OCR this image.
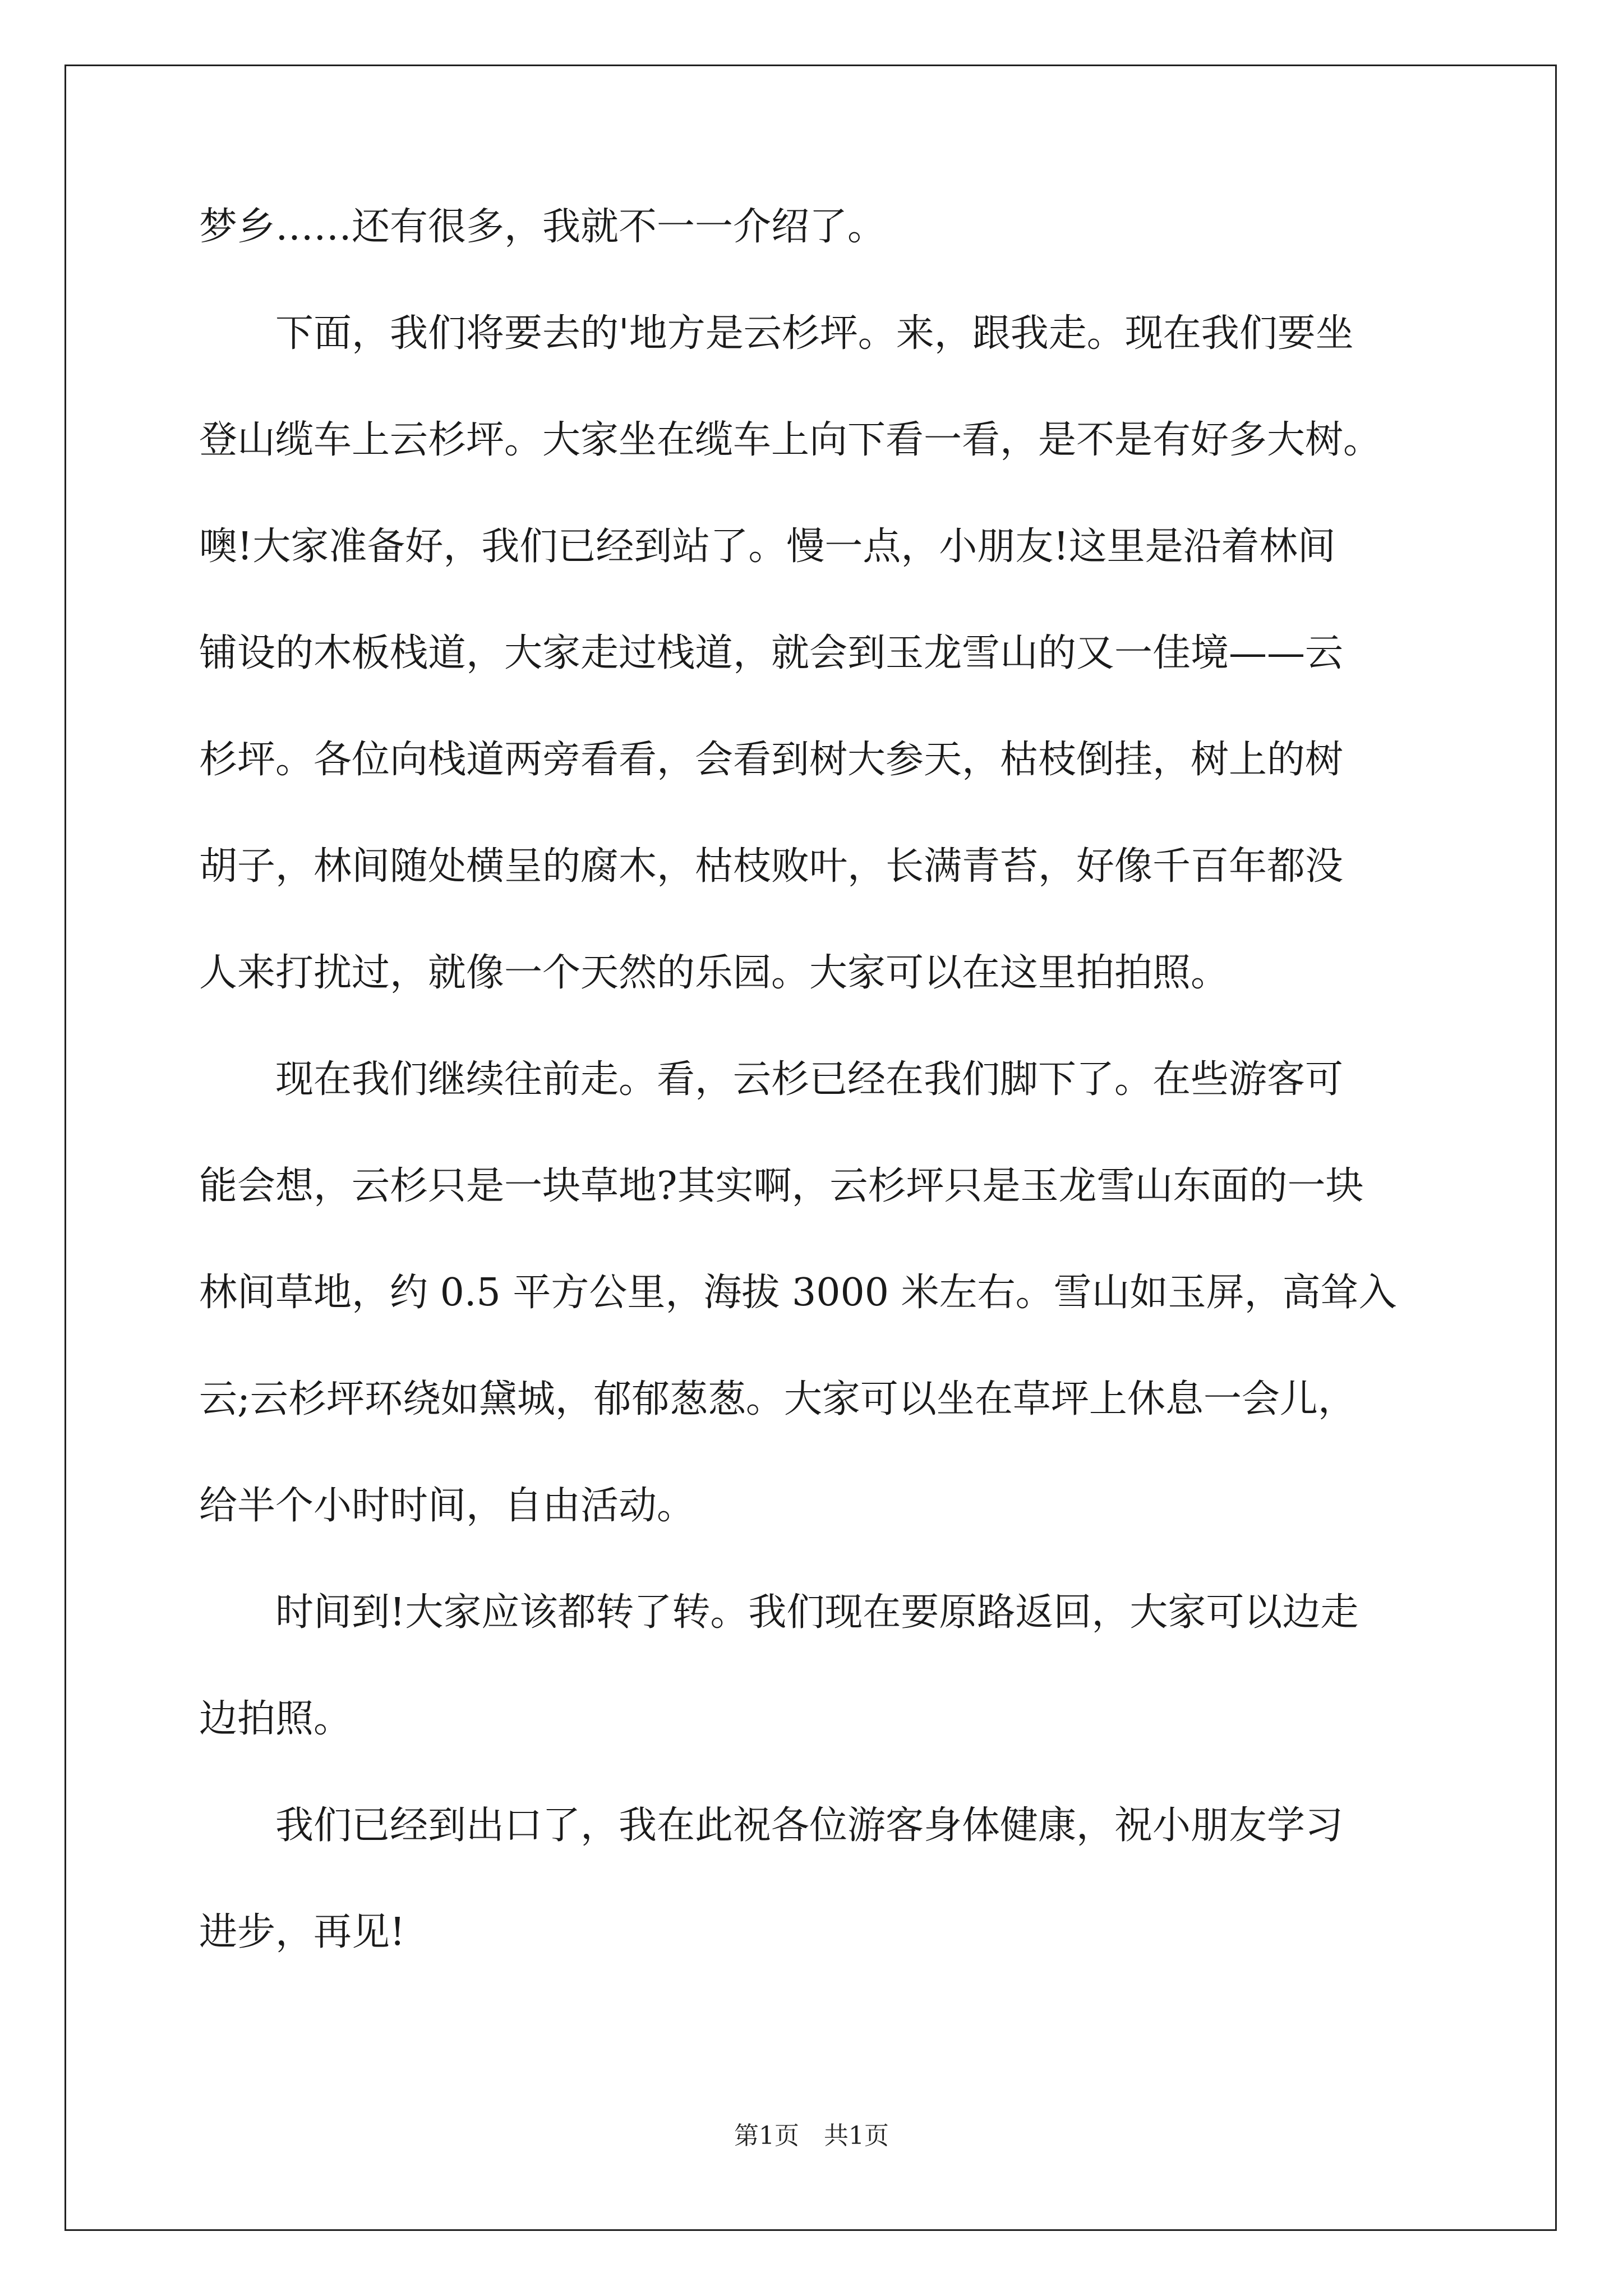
梦乡……还有很多，我就不一一介绍了。
　　下面，我们将要去的'地方是云杉坪。来，跟我走。现在我们要坐
登山缆车上云杉坪。大家坐在缆车上向下看一看，是不是有好多大树。
噢!大家准备好，我们已经到站了。慢一点，小朋友!这里是沿着林间
铺设的木板栈道，大家走过栈道，就会到玉龙雪山的又一佳境——云
杉坪。各位向栈道两旁看看，会看到树大参天，枯枝倒挂，树上的树
胡子，林间随处横呈的腐木，枯枝败叶，长满青苔，好像千百年都没
人来打扰过，就像一个天然的乐园。大家可以在这里拍拍照。
　　现在我们继续往前走。看，云杉已经在我们脚下了。在些游客可
能会想，云杉只是一块草地?其实啊，云杉坪只是玉龙雪山东面的一块
林间草地，约 0.5 平方公里，海拔 3000 米左右。雪山如玉屏，高耸入
云;云杉坪环绕如黛城，郁郁葱葱。大家可以坐在草坪上休息一会儿，
给半个小时时间，自由活动。
　　时间到!大家应该都转了转。我们现在要原路返回，大家可以边走
边拍照。
　　我们已经到出口了，我在此祝各位游客身体健康，祝小朋友学习
进步，再见!
第1页　共1页
